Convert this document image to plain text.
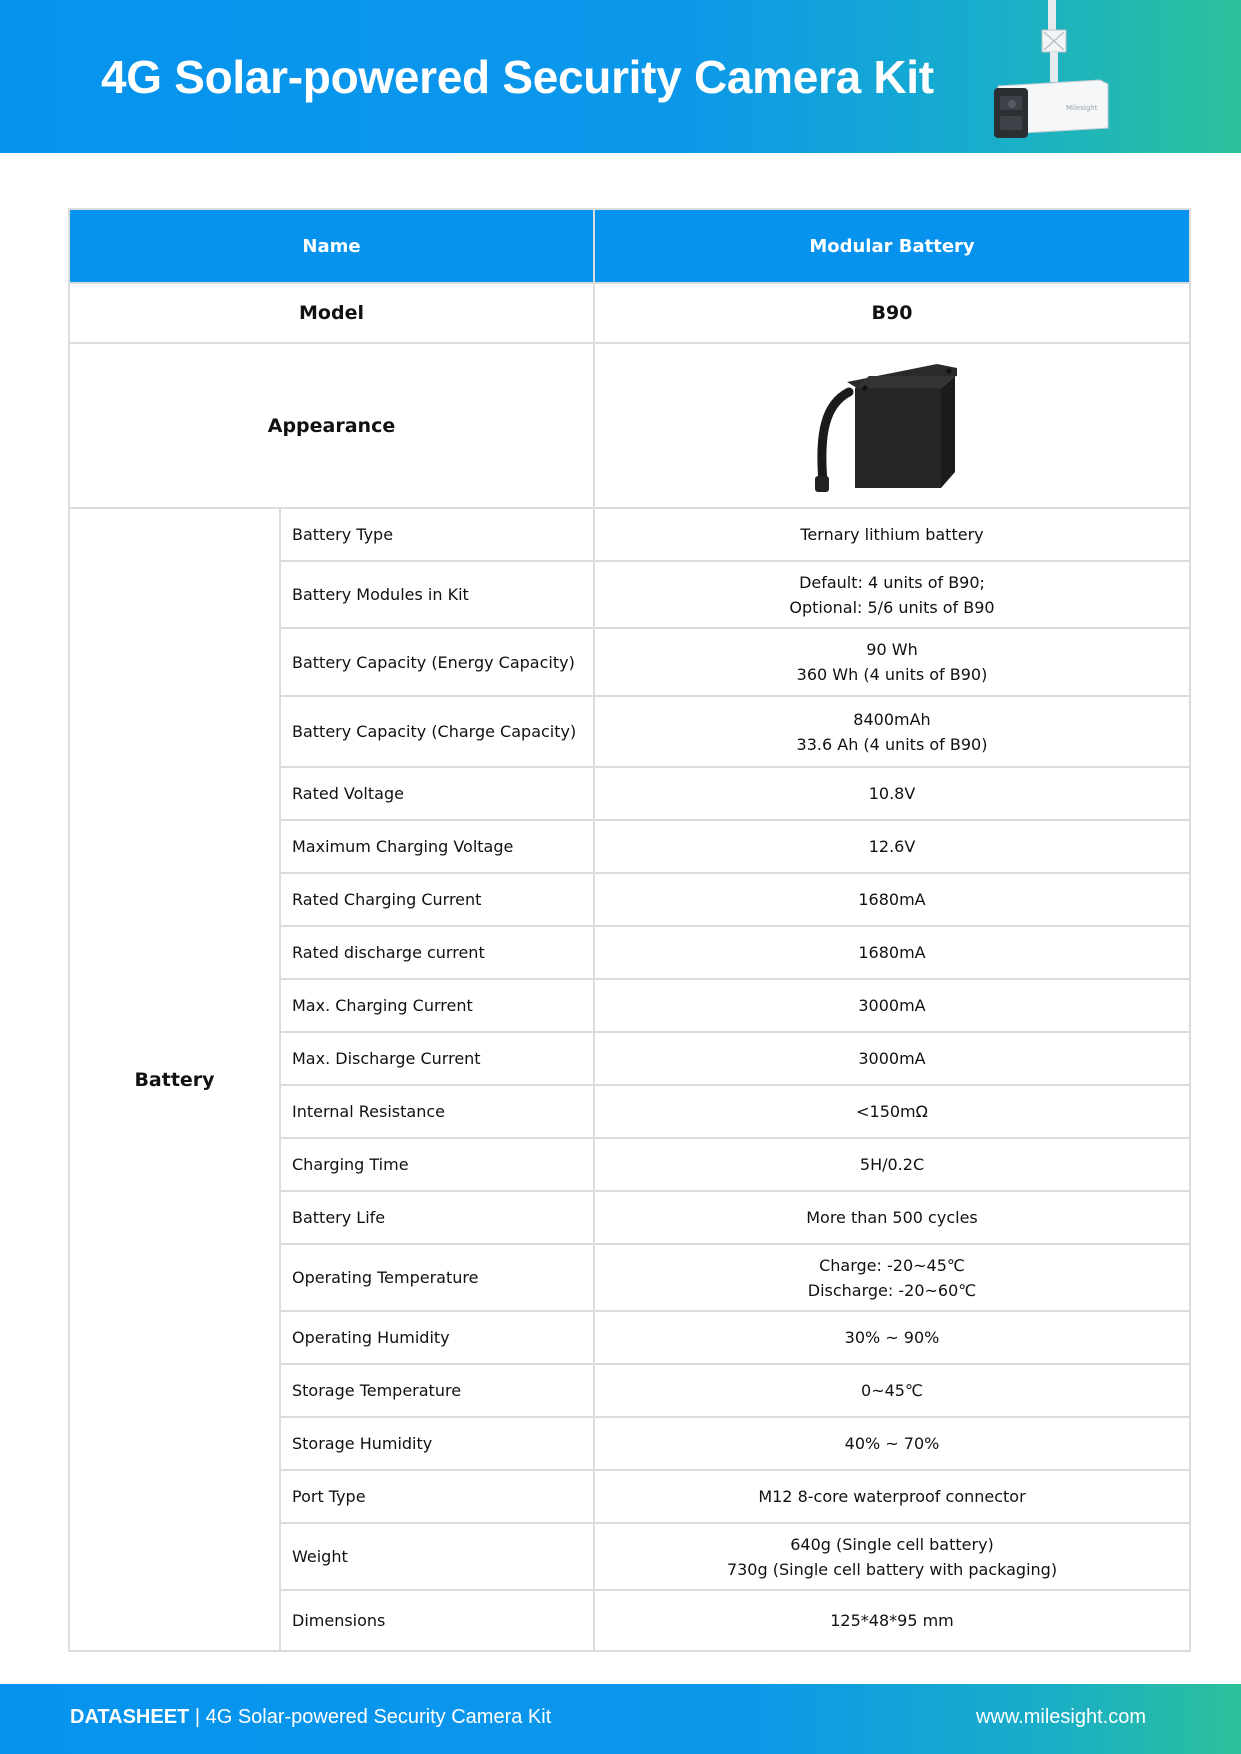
4G Solar-powered Security Camera Kit
Milesight
Name		Modular Battery
Model		B90
Appearance	
Battery	Battery Type	Ternary lithium battery

	Battery Modules in Kit	Default: 4 units of B90;
Optional: 5/6 units of B90

	Battery Capacity (Energy Capacity)	90 Wh
360 Wh (4 units of B90)

	Battery Capacity (Charge Capacity)	8400mAh
33.6 Ah (4 units of B90)

	Rated Voltage	10.8V

	Maximum Charging Voltage	12.6V

	Rated Charging Current	1680mA

	Rated discharge current	1680mA

	Max. Charging Current	3000mA

	Max. Discharge Current	3000mA

	Internal Resistance	<150mΩ

	Charging Time	5H/0.2C

	Battery Life	More than 500 cycles

	Operating Temperature	Charge: -20~45℃
Discharge: -20~60℃

	Operating Humidity	30% ~ 90%

	Storage Temperature	0~45℃

	Storage Humidity	40% ~ 70%

	Port Type	M12 8-core waterproof connector

	Weight	640g (Single cell battery)
730g (Single cell battery with packaging)

	Dimensions	125*48*95 mm
DATASHEET | 4G Solar-powered Security Camera Kit	www.milesight.com
